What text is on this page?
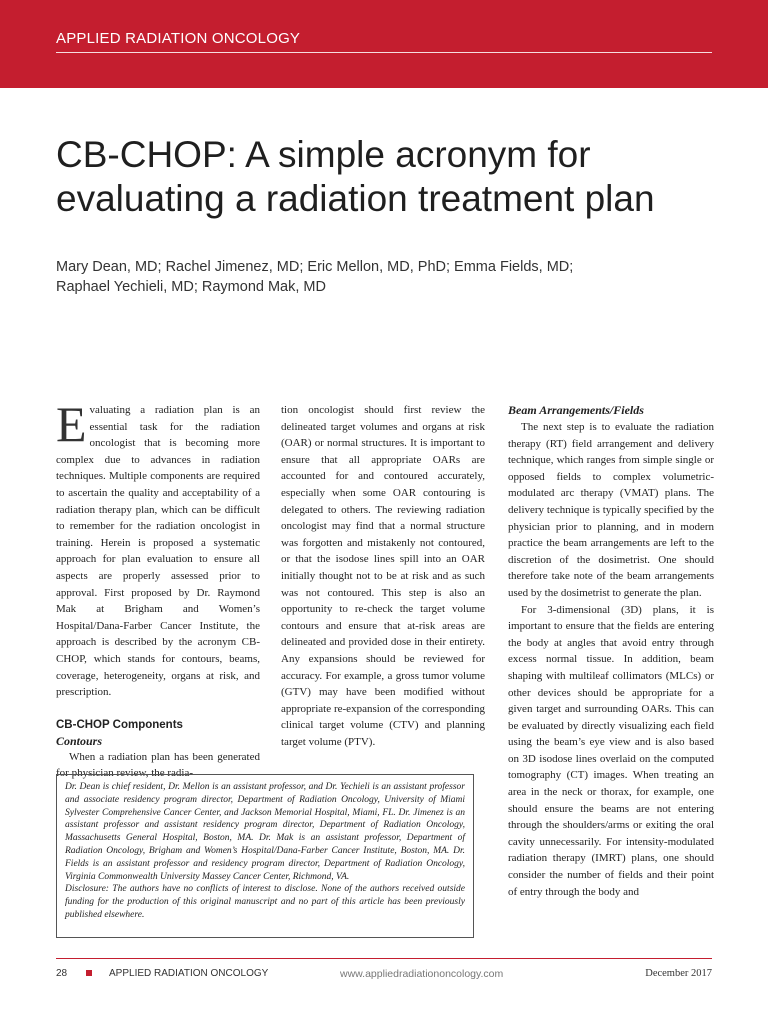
APPLIED RADIATION ONCOLOGY
CB-CHOP: A simple acronym for
evaluating a radiation treatment plan
Mary Dean, MD; Rachel Jimenez, MD; Eric Mellon, MD, PhD; Emma Fields, MD;
Raphael Yechieli, MD; Raymond Mak, MD

Evaluating a radiation plan is an essential task for the radiation oncologist that is becoming more complex due to advances in radiation techniques. Multiple components are required to ascertain the quality and acceptability of a radiation therapy plan, which can be difficult to remember for the radiation oncologist in training. Herein is proposed a systematic approach for plan evaluation to ensure all aspects are properly assessed prior to approval. First proposed by Dr. Raymond Mak at Brigham and Women’s Hospital/Dana-Farber Cancer Institute, the approach is described by the acronym CB-CHOP, which stands for contours, beams, coverage, heterogeneity, organs at risk, and prescription.

CB-CHOP Components
Contours

When a radiation plan has been generated for physician review, the radia-

tion oncologist should first review the delineated target volumes and organs at risk (OAR) or normal structures. It is important to ensure that all appropriate OARs are accounted for and contoured accurately, especially when some OAR contouring is delegated to others. The reviewing radiation oncologist may find that a normal structure was forgotten and mistakenly not contoured, or that the isodose lines spill into an OAR initially thought not to be at risk and as such was not contoured. This step is also an opportunity to re-check the target volume contours and ensure that at-risk areas are delineated and provided dose in their entirety. Any expansions should be reviewed for accuracy. For example, a gross tumor volume (GTV) may have been modified without appropriate re-expansion of the corresponding clinical target volume (CTV) and planning target volume (PTV).

Beam Arrangements/Fields

The next step is to evaluate the radiation therapy (RT) field arrangement and delivery technique, which ranges from simple single or opposed fields to complex volumetric-modulated arc therapy (VMAT) plans. The delivery technique is typically specified by the physician prior to planning, and in modern practice the beam arrangements are left to the discretion of the dosimetrist. One should therefore take note of the beam arrangements used by the dosimetrist to generate the plan.

For 3-dimensional (3D) plans, it is important to ensure that the fields are entering the body at angles that avoid entry through excess normal tissue. In addition, beam shaping with multileaf collimators (MLCs) or other devices should be appropriate for a given target and surrounding OARs. This can be evaluated by directly visualizing each field using the beam’s eye view and is also based on 3D isodose lines overlaid on the computed tomography (CT) images. When treating an area in the neck or thorax, for example, one should ensure the beams are not entering through the shoulders/arms or exiting the oral cavity unnecessarily. For intensity-modulated radiation therapy (IMRT) plans, one should consider the number of fields and their point of entry through the body and

Dr. Dean is chief resident, Dr. Mellon is an assistant professor, and Dr. Yechieli is an assistant professor and associate residency program director, Department of Radiation Oncology, University of Miami Sylvester Comprehensive Cancer Center, and Jackson Memorial Hospital, Miami, FL. Dr. Jimenez is an assistant professor and assistant residency program director, Department of Radiation Oncology, Massachusetts General Hospital, Boston, MA. Dr. Mak is an assistant professor, Department of Radiation Oncology, Brigham and Women’s Hospital/Dana-Farber Cancer Institute, Boston, MA. Dr. Fields is an assistant professor and residency program director, Department of Radiation Oncology, Virginia Commonwealth University Massey Cancer Center, Richmond, VA.

Disclosure: The authors have no conflicts of interest to disclose. None of the authors received outside funding for the production of this original manuscript and no part of this article has been previously published elsewhere.

28	APPLIED RADIATION ONCOLOGY	www.appliedradiationoncology.com	December 2017
